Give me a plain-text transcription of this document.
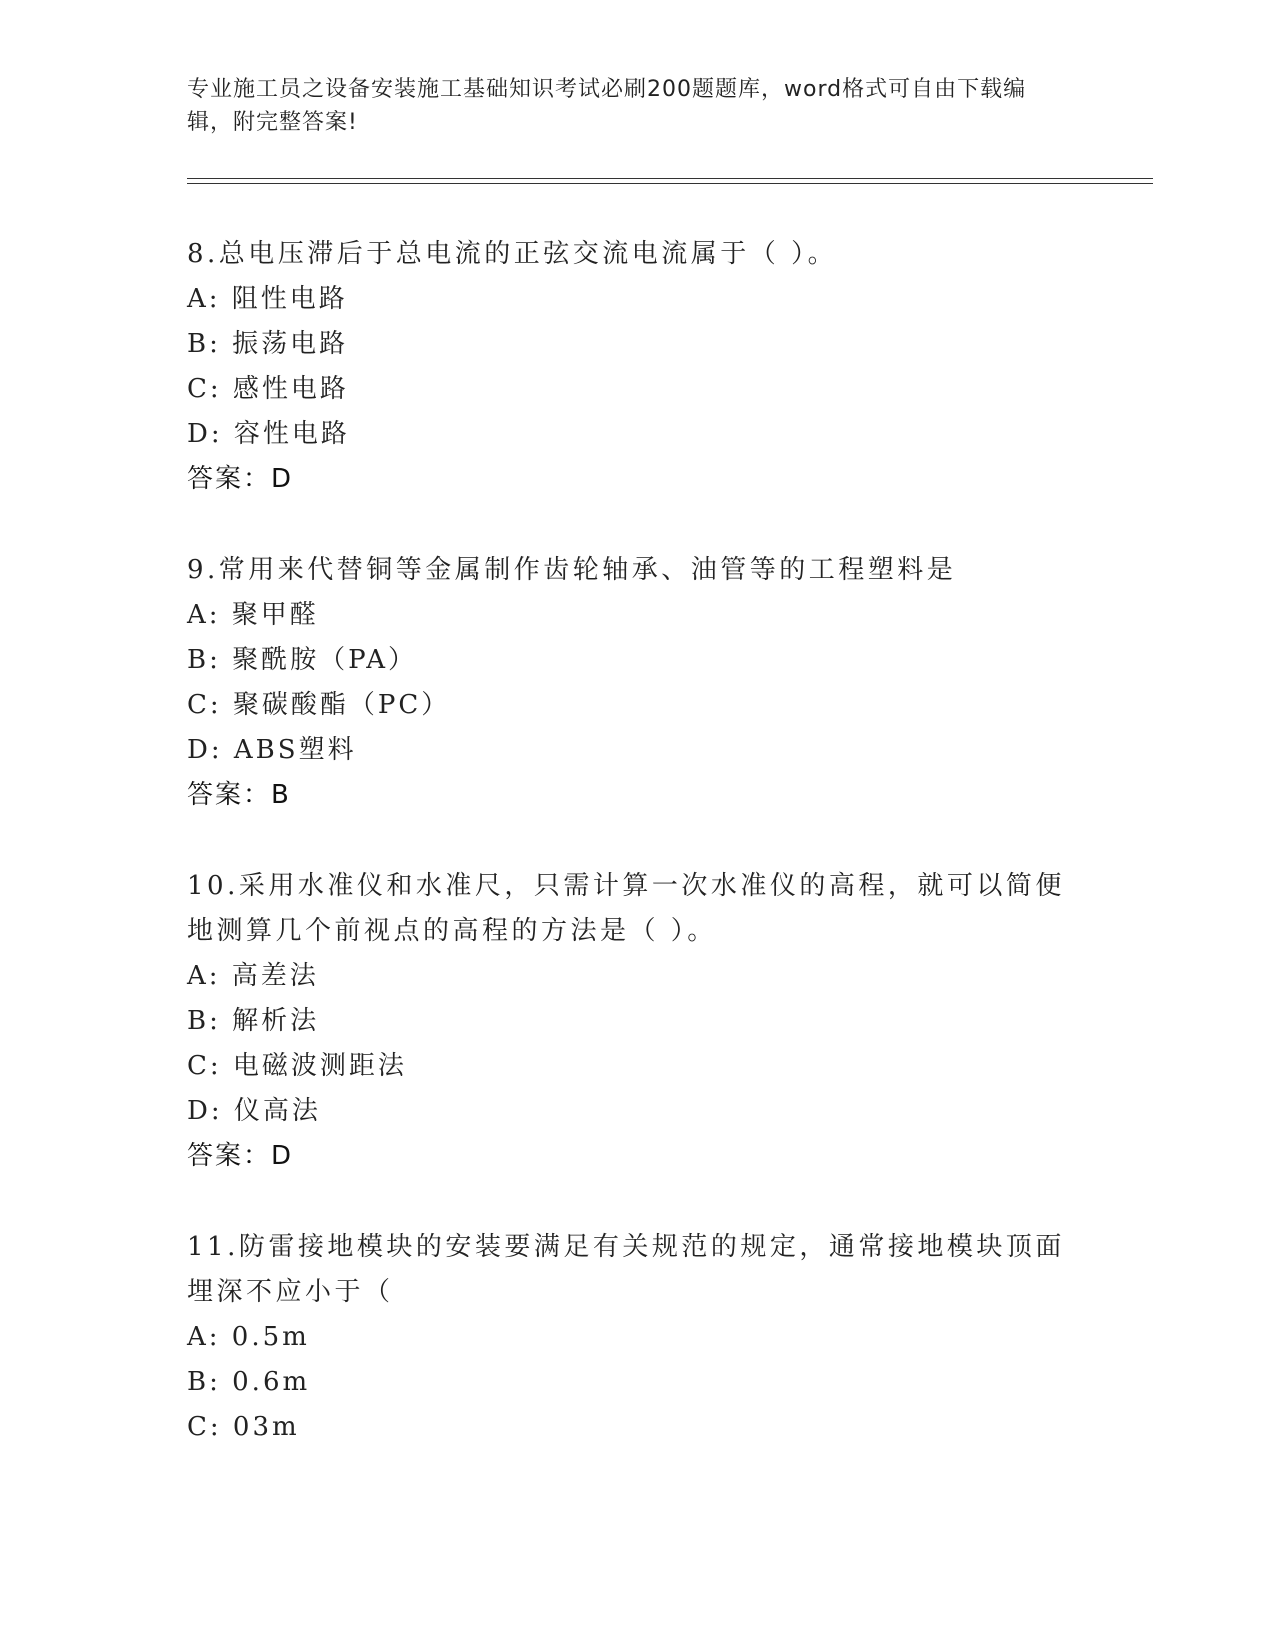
专业施工员之设备安装施工基础知识考试必刷200题题库，word格式可自由下载编辑，附完整答案!
8.总电压滞后于总电流的正弦交流电流属于（ ）。
A: 阻性电路
B: 振荡电路
C: 感性电路
D: 容性电路
答案：D
9.常用来代替铜等金属制作齿轮轴承、油管等的工程塑料是
A: 聚甲醛
B: 聚酰胺（PA）
C: 聚碳酸酯（PC）
D: ABS塑料
答案：B
10.采用水准仪和水准尺，只需计算一次水准仪的高程，就可以简便地测算几个前视点的高程的方法是（ ）。
A: 高差法
B: 解析法
C: 电磁波测距法
D: 仪高法
答案：D
11.防雷接地模块的安装要满足有关规范的规定，通常接地模块顶面埋深不应小于（
A: 0.5m
B: 0.6m
C: 03m
